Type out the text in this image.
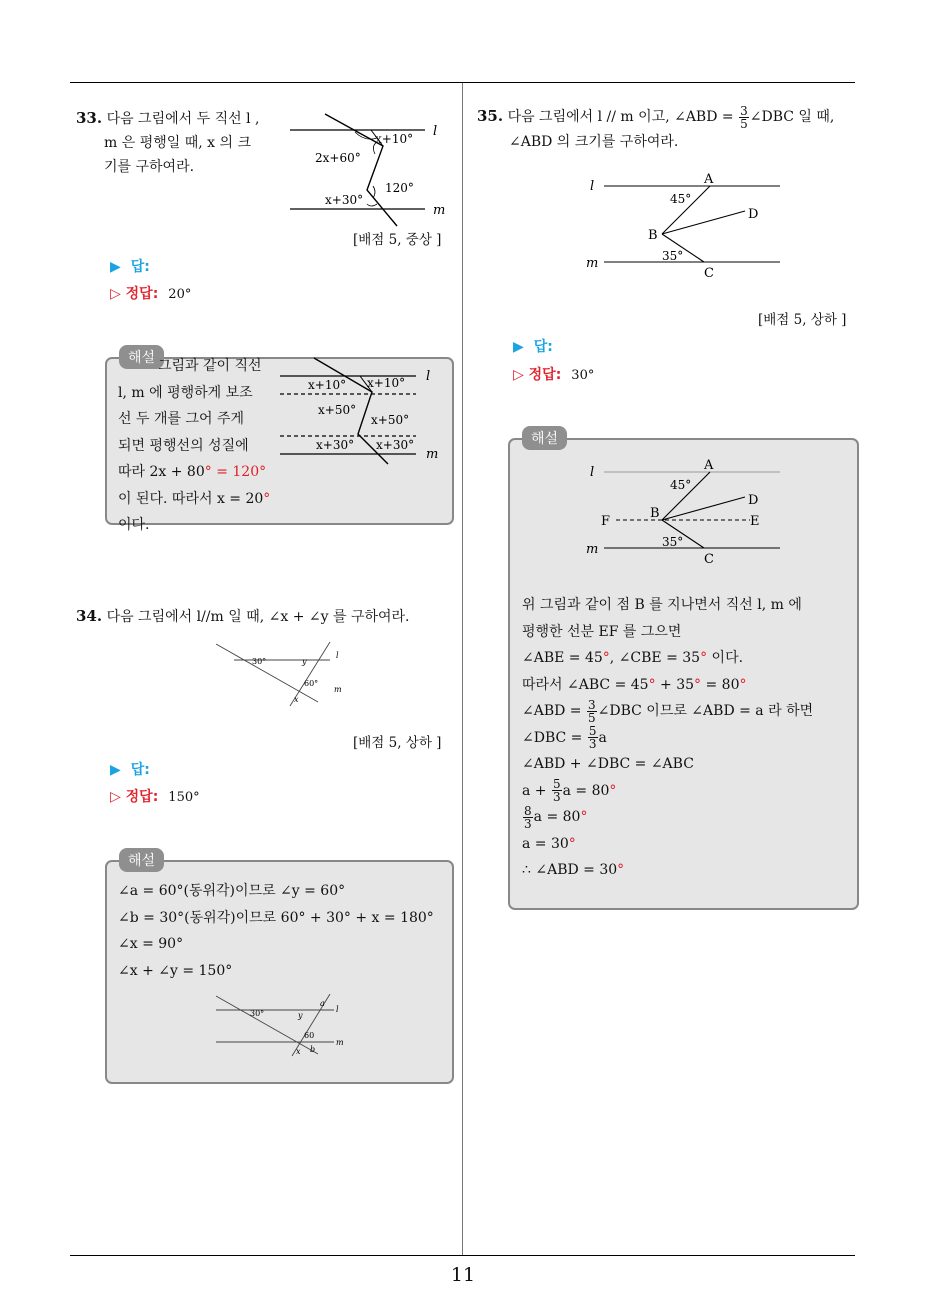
33. 다음 그림에서 두 직선 l ,
m 은 평행일 때, x 의 크
기를 구하여라.
l
m
x+10°
2x+60°
120°
x+30°
[배점 5, 중상 ]
▶ 답:
▷ 정답: 20°
해설 그림과 같이 직선
l, m 에 평행하게 보조
선 두 개를 그어 주게
되면 평행선의 성질에
따라 2x + 80° = 120°
이 된다. 따라서 x = 20° 이다.
l
m
x+10° x+10°
x+50°
x+50°
x+30° x+30°
34. 다음 그림에서 l//m 일 때, ∠x + ∠y 를 구하여라.
30°	y
60°
x
l
m
[배점 5, 상하 ]
▶ 답:
▷ 정답: 150°
해설
∠a = 60°(동위각)이므로 ∠y = 60°
∠b = 30°(동위각)이므로 60° + 30° + x = 180°
∠x = 90°
∠x + ∠y = 150°
30°	y
a
60
x b
l
m
35. 다음 그림에서 l // m 이고, ∠ABD = $\frac{3}{5}$ ∠DBC 일 때,
∠ABD 의 크기를 구하여라.
l
m
A
B
C
D
45°
35°
[배점 5, 상하 ]
▶ 답:
▷ 정답: 30°
해설
l
m
A
B
C
D
E
F
45°
35°
위 그림과 같이 점 B 를 지나면서 직선 l, m 에
평행한 선분 EF 를 그으면
∠ABE = 45°, ∠CBE = 35° 이다.
따라서 ∠ABC = 45° + 35° = 80°
∠ABD = $\frac{3}{5}$ ∠DBC 이므로 ∠ABD = a 라 하면
∠DBC = $\frac{5}{3}$ a
∠ABD + ∠DBC = ∠ABC
$a + \frac{5}{3}$ a = 80°

$\frac{8}{3}$ a = 80°
a = 30°
∴ ∠ABD = 30°
11
